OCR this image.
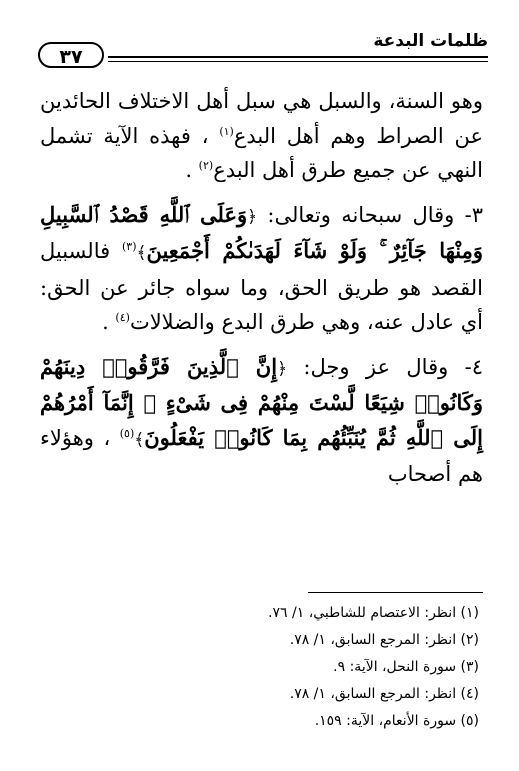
ظلمات البدعة
٣٧

وهو السنة، والسبل هي سبل أهل الاختلاف الحائدين عن الصراط وهم أهل البدع$^{(١)}$ ، فهذه الآية تشمل النهي عن جميع طرق أهل البدع$^{(٢)}$ .

٣- وقال سبحانه وتعالى: ﴿وَعَلَى ٱللَّهِ قَصْدُ ٱلسَّبِيلِ وَمِنْهَا جَآئِرٌ ۚ وَلَوْ شَآءَ لَهَدَىٰكُمْ أَجْمَعِينَ﴾$^{(٣)}$ فالسبيل القصد هو طريق الحق، وما سواه جائر عن الحق: أي عادل عنه، وهي طرق البدع والضلالات$^{(٤)}$ .

٤- وقال عز وجل: ﴿إِنَّ ٱلَّذِينَ فَرَّقُوا۟ دِينَهُمْ وَكَانُوا۟ شِيَعًا لَّسْتَ مِنْهُمْ فِى شَىْءٍ ۚ إِنَّمَآ أَمْرُهُمْ إِلَى ٱللَّهِ ثُمَّ يُنَبِّئُهُم بِمَا كَانُوا۟ يَفْعَلُونَ﴾$^{(٥)}$ ، وهؤلاء هم أصحاب

(١) انظر: الاعتصام للشاطبي، ١/ ٧٦.
(٢) انظر: المرجع السابق، ١/ ٧٨.
(٣) سورة النحل، الآية: ٩.
(٤) انظر: المرجع السابق، ١/ ٧٨.
(٥) سورة الأنعام، الآية: ١٥٩.
